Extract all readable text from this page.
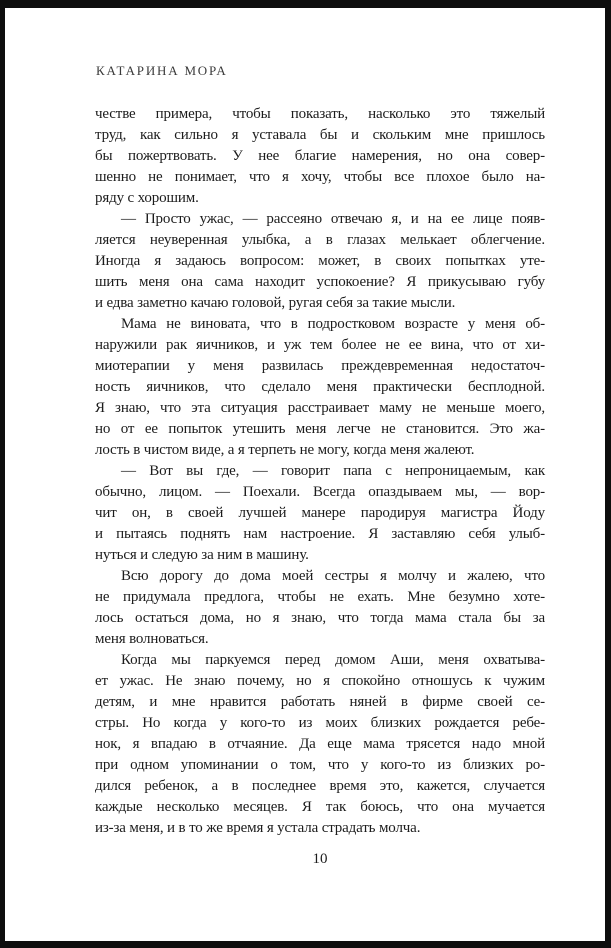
КАТАРИНА МОРА
честве примера, чтобы показать, насколько это тяжелый
труд, как сильно я уставала бы и скольким мне пришлось
бы пожертвовать. У нее благие намерения, но она совер-
шенно не понимает, что я хочу, чтобы все плохое было на-
ряду с хорошим.
— Просто ужас, — рассеяно отвечаю я, и на ее лице появ-
ляется неуверенная улыбка, а в глазах мелькает облегчение.
Иногда я задаюсь вопросом: может, в своих попытках уте-
шить меня она сама находит успокоение? Я прикусываю губу
и едва заметно качаю головой, ругая себя за такие мысли.
Мама не виновата, что в подростковом возрасте у меня об-
наружили рак яичников, и уж тем более не ее вина, что от хи-
миотерапии у меня развилась преждевременная недостаточ-
ность яичников, что сделало меня практически бесплодной.
Я знаю, что эта ситуация расстраивает маму не меньше моего,
но от ее попыток утешить меня легче не становится. Это жа-
лость в чистом виде, а я терпеть не могу, когда меня жалеют.
— Вот вы где, — говорит папа с непроницаемым, как
обычно, лицом. — Поехали. Всегда опаздываем мы, — вор-
чит он, в своей лучшей манере пародируя магистра Йоду
и пытаясь поднять нам настроение. Я заставляю себя улыб-
нуться и следую за ним в машину.
Всю дорогу до дома моей сестры я молчу и жалею, что
не придумала предлога, чтобы не ехать. Мне безумно хоте-
лось остаться дома, но я знаю, что тогда мама стала бы за
меня волноваться.
Когда мы паркуемся перед домом Аши, меня охватыва-
ет ужас. Не знаю почему, но я спокойно отношусь к чужим
детям, и мне нравится работать няней в фирме своей се-
стры. Но когда у кого-то из моих близких рождается ребе-
нок, я впадаю в отчаяние. Да еще мама трясется надо мной
при одном упоминании о том, что у кого-то из близких ро-
дился ребенок, а в последнее время это, кажется, случается
каждые несколько месяцев. Я так боюсь, что она мучается
из-за меня, и в то же время я устала страдать молча.
10
